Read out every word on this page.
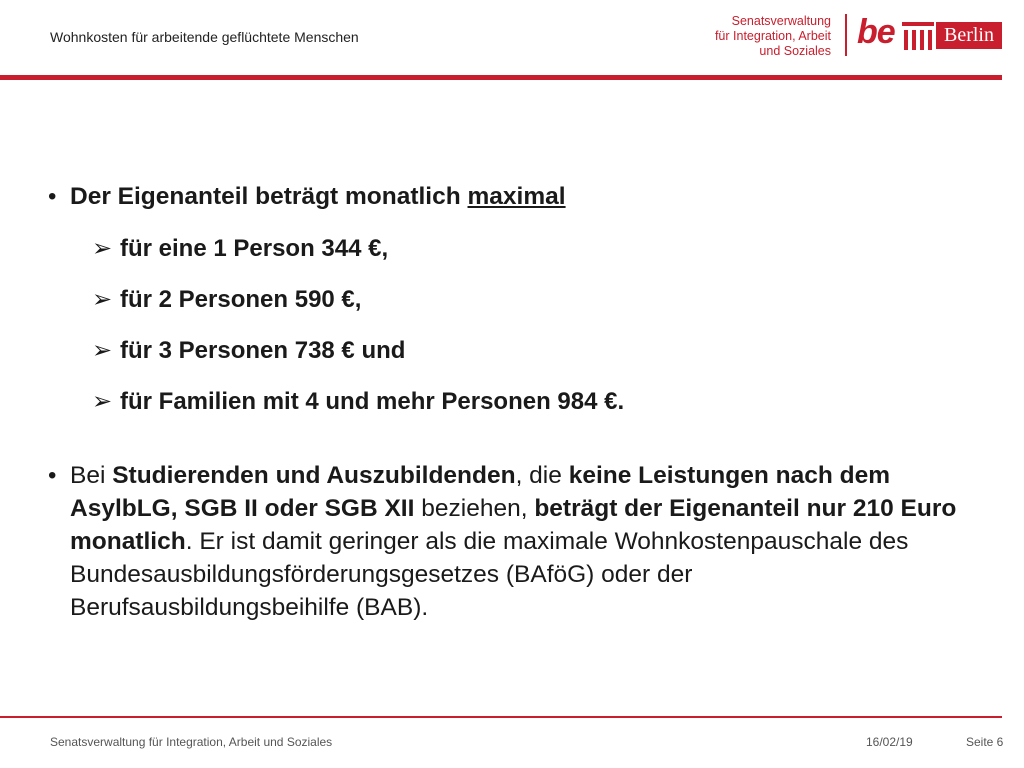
Wohnkosten für arbeitende geflüchtete Menschen
Senatsverwaltung
für Integration, Arbeit
und Soziales be	Berlin
• Der Eigenanteil beträgt monatlich maximal
➢ für eine 1 Person 344 €,
➢ für 2 Personen 590 €,
➢ für 3 Personen 738 € und
➢ für Familien mit 4 und mehr Personen 984 €.
• Bei Studierenden und Auszubildenden, die keine Leistungen nach dem AsylbLG, SGB II oder SGB XII beziehen, beträgt der Eigenanteil nur 210 Euro monatlich. Er ist damit geringer als die maximale Wohnkostenpauschale des Bundesausbildungsförderungsgesetzes (BAföG) oder der Berufsausbildungsbeihilfe (BAB).
Senatsverwaltung für Integration, Arbeit und Soziales	16/02/19	Seite 6
